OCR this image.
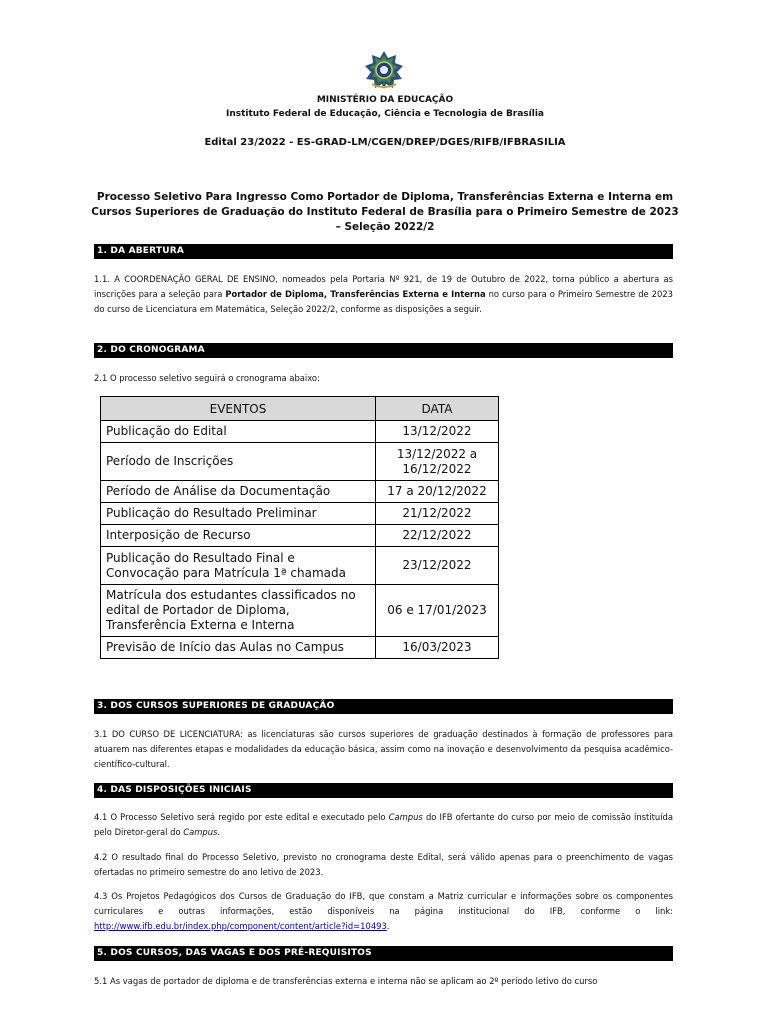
MINISTÉRIO DA EDUCAÇÃO
Instituto Federal de Educação, Ciência e Tecnologia de Brasília
Edital 23/2022 - ES-GRAD-LM/CGEN/DREP/DGES/RIFB/IFBRASILIA
Processo Seletivo Para Ingresso Como Portador de Diploma, Transferências Externa e Interna em Cursos Superiores de Graduação do Instituto Federal de Brasília para o Primeiro Semestre de 2023 – Seleção 2022/2
1. DA ABERTURA
1.1. A COORDENAÇÃO GERAL DE ENSINO, nomeados pela Portaria Nº 921, de 19 de Outubro de 2022, torna público a abertura as inscrições para a seleção para Portador de Diploma, Transferências Externa e Interna no curso para o Primeiro Semestre de 2023 do curso de Licenciatura em Matemática, Seleção 2022/2, conforme as disposições a seguir.
2. DO CRONOGRAMA
2.1 O processo seletivo seguirá o cronograma abaixo:
EVENTOS	DATA
Publicação do Edital	13/12/2022
Período de Inscrições	13/12/2022 a 16/12/2022
Período de Análise da Documentação	17 a 20/12/2022
Publicação do Resultado Preliminar	21/12/2022
Interposição de Recurso	22/12/2022
Publicação do Resultado Final e Convocação para Matrícula 1ª chamada	23/12/2022
Matrícula dos estudantes classificados no edital de Portador de Diploma, Transferência Externa e Interna	06 e 17/01/2023
Previsão de Início das Aulas no Campus	16/03/2023
3. DOS CURSOS SUPERIORES DE GRADUAÇÃO
3.1 DO CURSO DE LICENCIATURA: as licenciaturas são cursos superiores de graduação destinados à formação de professores para atuarem nas diferentes etapas e modalidades da educação básica, assim como na inovação e desenvolvimento da pesquisa acadêmico-científico-cultural.
4. DAS DISPOSIÇÕES INICIAIS
4.1 O Processo Seletivo será regido por este edital e executado pelo Campus do IFB ofertante do curso por meio de comissão instituída pelo Diretor-geral do Campus.
4.2 O resultado final do Processo Seletivo, previsto no cronograma deste Edital, será válido apenas para o preenchimento de vagas ofertadas no primeiro semestre do ano letivo de 2023.
4.3 Os Projetos Pedagógicos dos Cursos de Graduação do IFB, que constam a Matriz curricular e informações sobre os componentes curriculares e outras informações, estão disponíveis na página institucional do IFB, conforme o link: http://www.ifb.edu.br/index.php/component/content/article?id=10493.
5. DOS CURSOS, DAS VAGAS E DOS PRÉ-REQUISITOS
5.1 As vagas de portador de diploma e de transferências externa e interna não se aplicam ao 2º período letivo do curso
